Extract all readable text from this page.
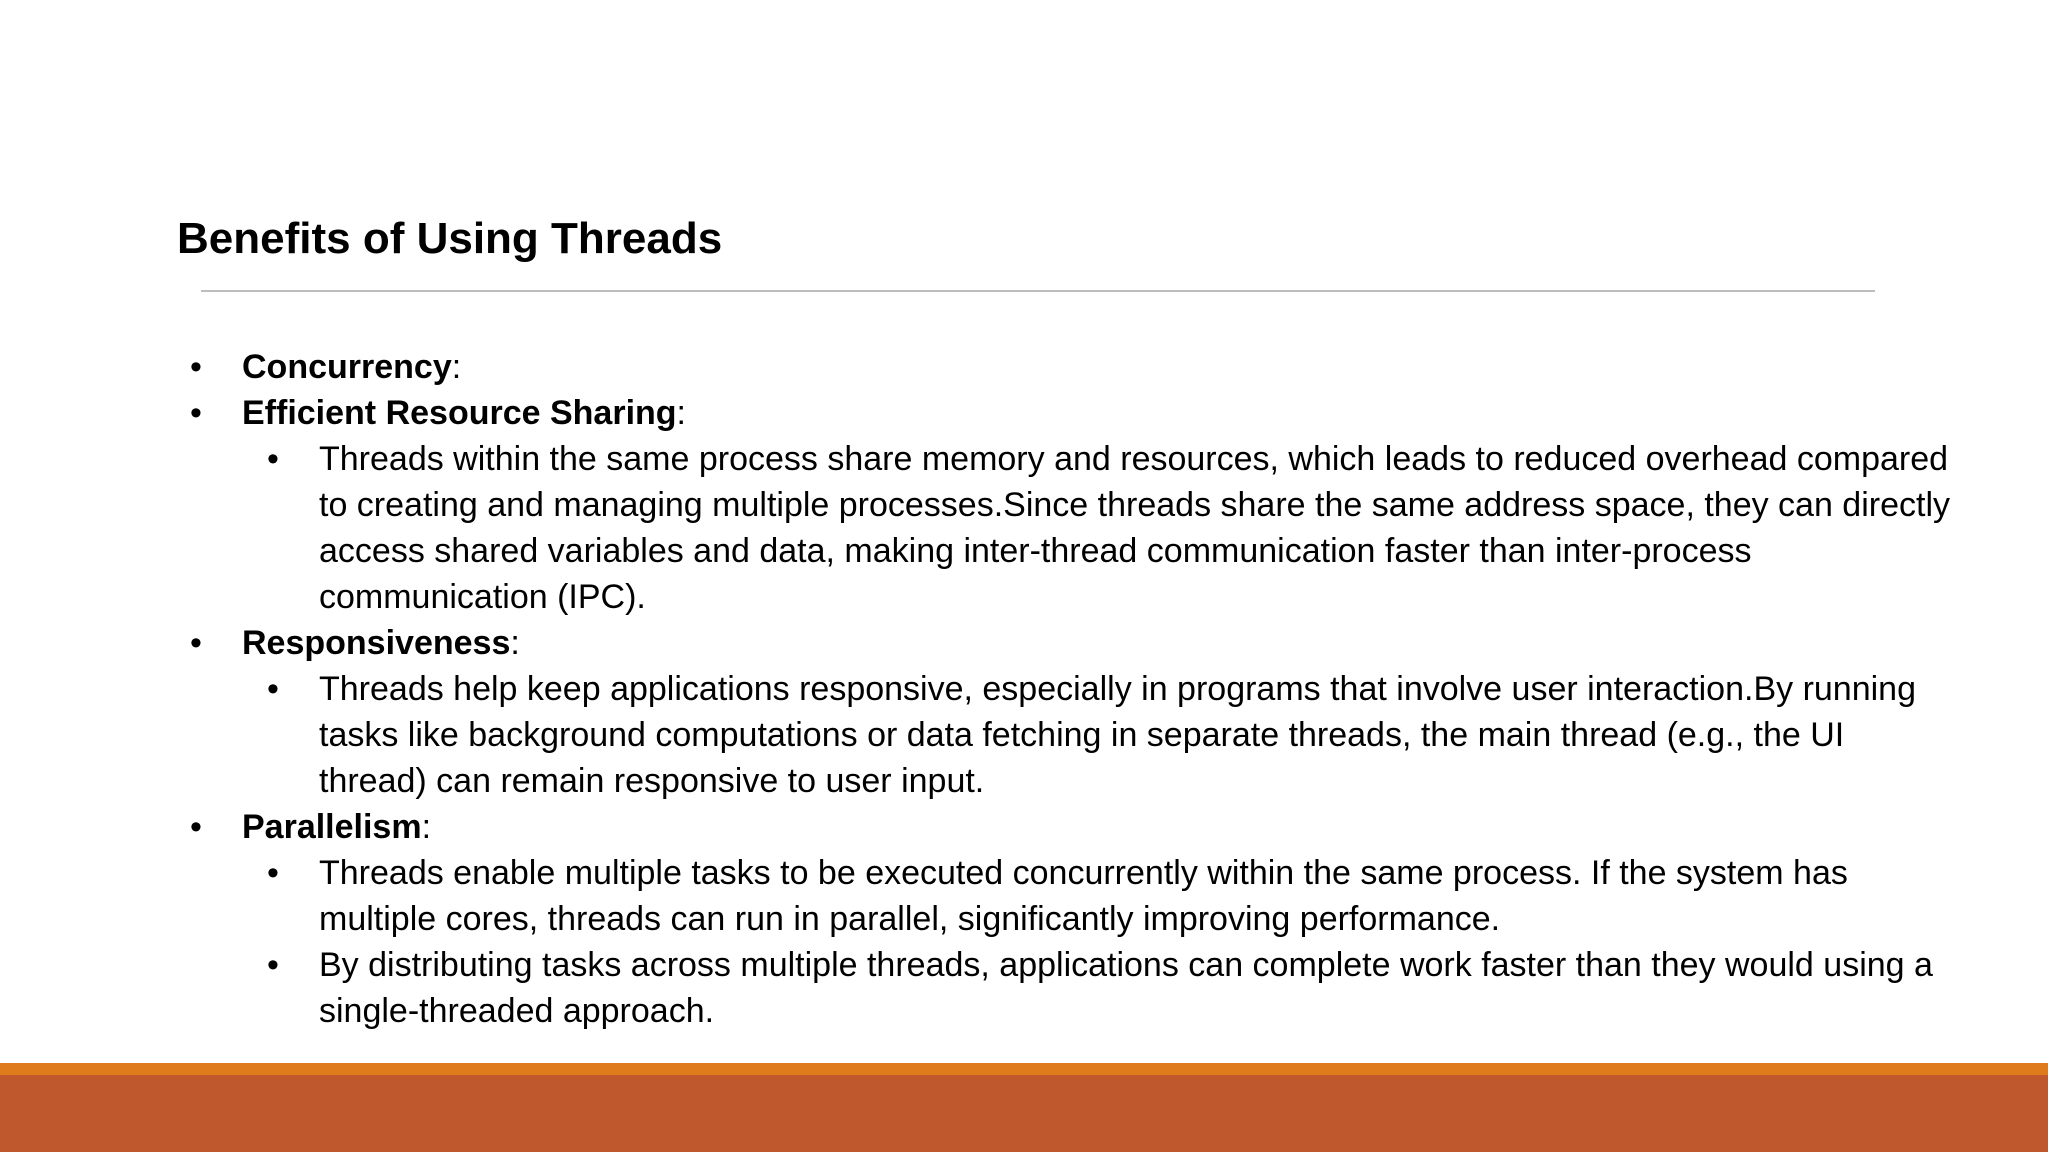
Benefits of Using Threads
•	Concurrency:
•	Efficient Resource Sharing:
•	Threads within the same process share memory and resources, which leads to reduced overhead compared to creating and managing multiple processes.Since threads share the same address space, they can directly access shared variables and data, making inter-thread communication faster than inter-process communication (IPC).
•	Responsiveness:
•	Threads help keep applications responsive, especially in programs that involve user interaction.By running tasks like background computations or data fetching in separate threads, the main thread (e.g., the UI thread) can remain responsive to user input.
•	Parallelism:
•	Threads enable multiple tasks to be executed concurrently within the same process. If the system has multiple cores, threads can run in parallel, significantly improving performance.
•	By distributing tasks across multiple threads, applications can complete work faster than they would using a single-threaded approach.
